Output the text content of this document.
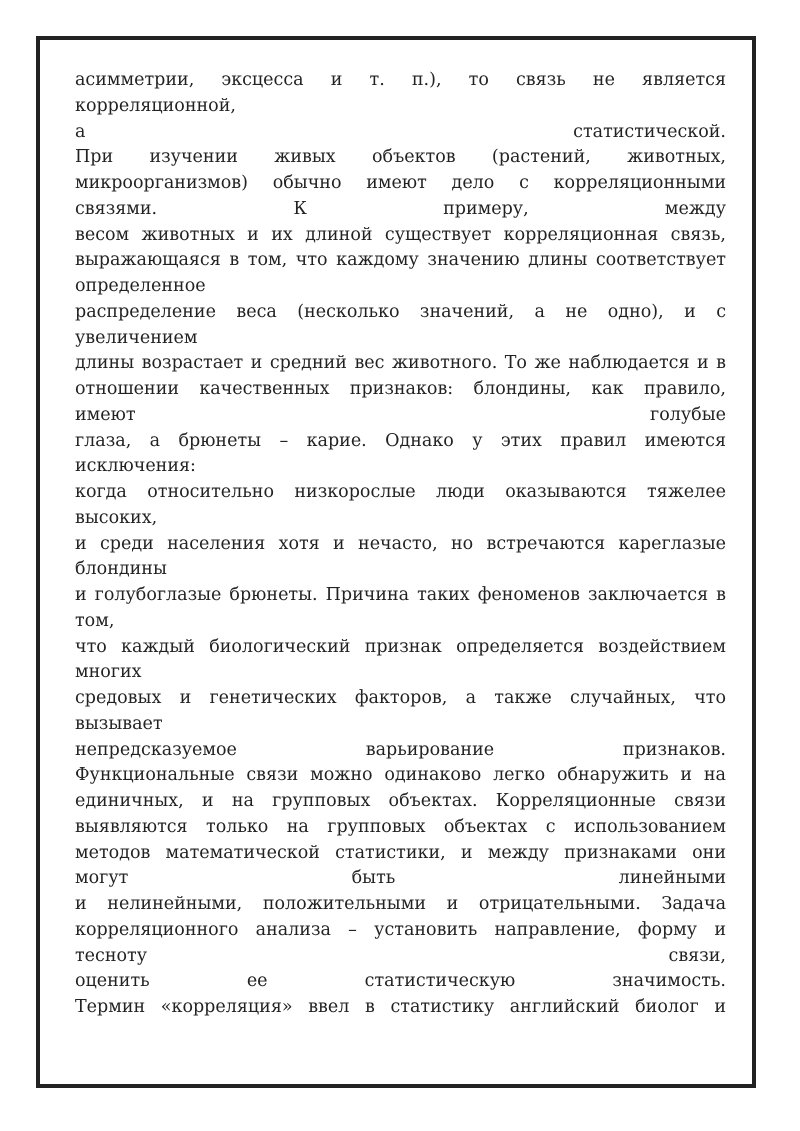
асимметрии, эксцесса и т. п.), то связь не является
корреляционной,
а статистической.
При изучении живых объектов (растений, животных,
микроорганизмов) обычно имеют дело с корреляционными
связями. К примеру, между
весом животных и их длиной существует корреляционная связь,
выражающаяся в том, что каждому значению длины соответствует
определенное
распределение веса (несколько значений, а не одно), и с
увеличением
длины возрастает и средний вес животного. То же наблюдается и в
отношении качественных признаков: блондины, как правило,
имеют голубые
глаза, а брюнеты – карие. Однако у этих правил имеются
исключения:
когда относительно низкорослые люди оказываются тяжелее
высоких,
и среди населения хотя и нечасто, но встречаются кареглазые
блондины
и голубоглазые брюнеты. Причина таких феноменов заключается в
том,
что каждый биологический признак определяется воздействием
многих
средовых и генетических факторов, а также случайных, что
вызывает
непредсказуемое варьирование признаков.
Функциональные связи можно одинаково легко обнаружить и на
единичных, и на групповых объектах. Корреляционные связи
выявляются только на групповых объектах с использованием
методов математической статистики, и между признаками они
могут быть линейными
и нелинейными, положительными и отрицательными. Задача
корреляционного анализа – установить направление, форму и
тесноту связи,
оценить ее статистическую значимость.
Термин «корреляция» ввел в статистику английский биолог и
